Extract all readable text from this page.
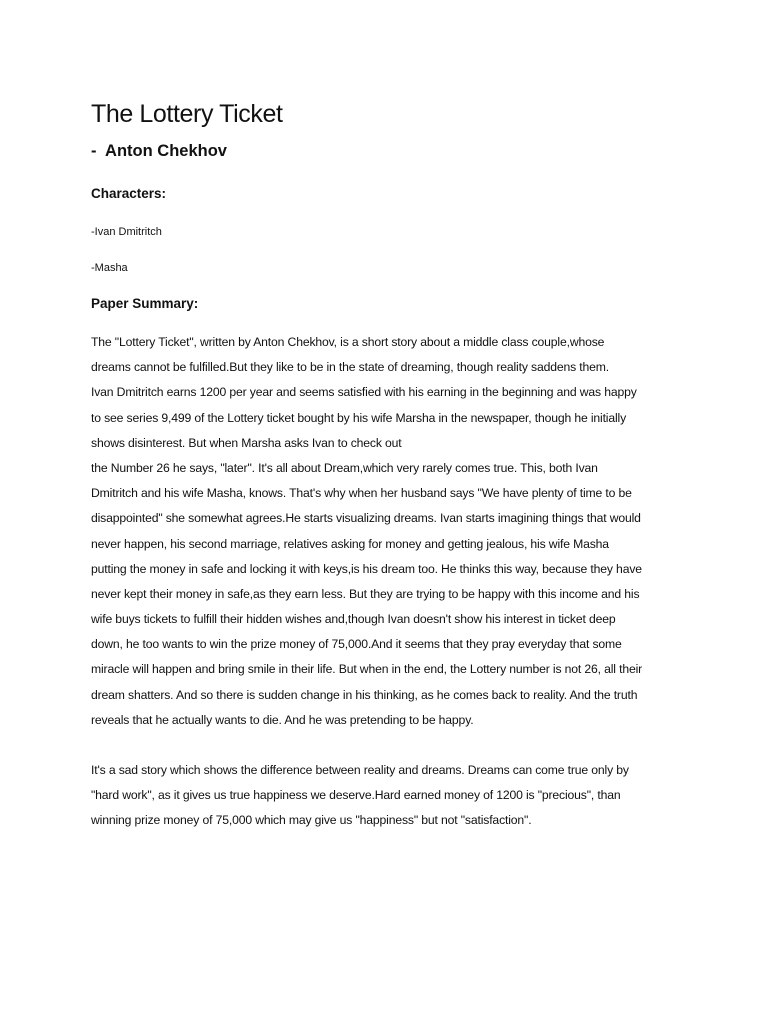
The Lottery Ticket
-  Anton Chekhov
Characters:
-Ivan Dmitritch
-Masha
Paper Summary:
The "Lottery Ticket", written by Anton Chekhov, is a short story about a middle class couple,whose
dreams cannot be fulfilled.But they like to be in the state of dreaming, though reality saddens them.
Ivan Dmitritch earns 1200 per year and seems satisfied with his earning in the beginning and was happy
to see series 9,499 of the Lottery ticket bought by his wife Marsha in the newspaper, though he initially
shows disinterest. But when Marsha asks Ivan to check out
the Number 26 he says, "later". It's all about Dream,which very rarely comes true. This, both Ivan
Dmitritch and his wife Masha, knows. That's why when her husband says "We have plenty of time to be
disappointed" she somewhat agrees.He starts visualizing dreams. Ivan starts imagining things that would
never happen, his second marriage, relatives asking for money and getting jealous, his wife Masha
putting the money in safe and locking it with keys,is his dream too. He thinks this way, because they have
never kept their money in safe,as they earn less. But they are trying to be happy with this income and his
wife buys tickets to fulfill their hidden wishes and,though Ivan doesn't show his interest in ticket deep
down, he too wants to win the prize money of 75,000.And it seems that they pray everyday that some
miracle will happen and bring smile in their life. But when in the end, the Lottery number is not 26, all their
dream shatters. And so there is sudden change in his thinking, as he comes back to reality. And the truth
reveals that he actually wants to die. And he was pretending to be happy.
It's a sad story which shows the difference between reality and dreams. Dreams can come true only by
"hard work", as it gives us true happiness we deserve.Hard earned money of 1200 is "precious", than
winning prize money of 75,000 which may give us "happiness" but not "satisfaction".
